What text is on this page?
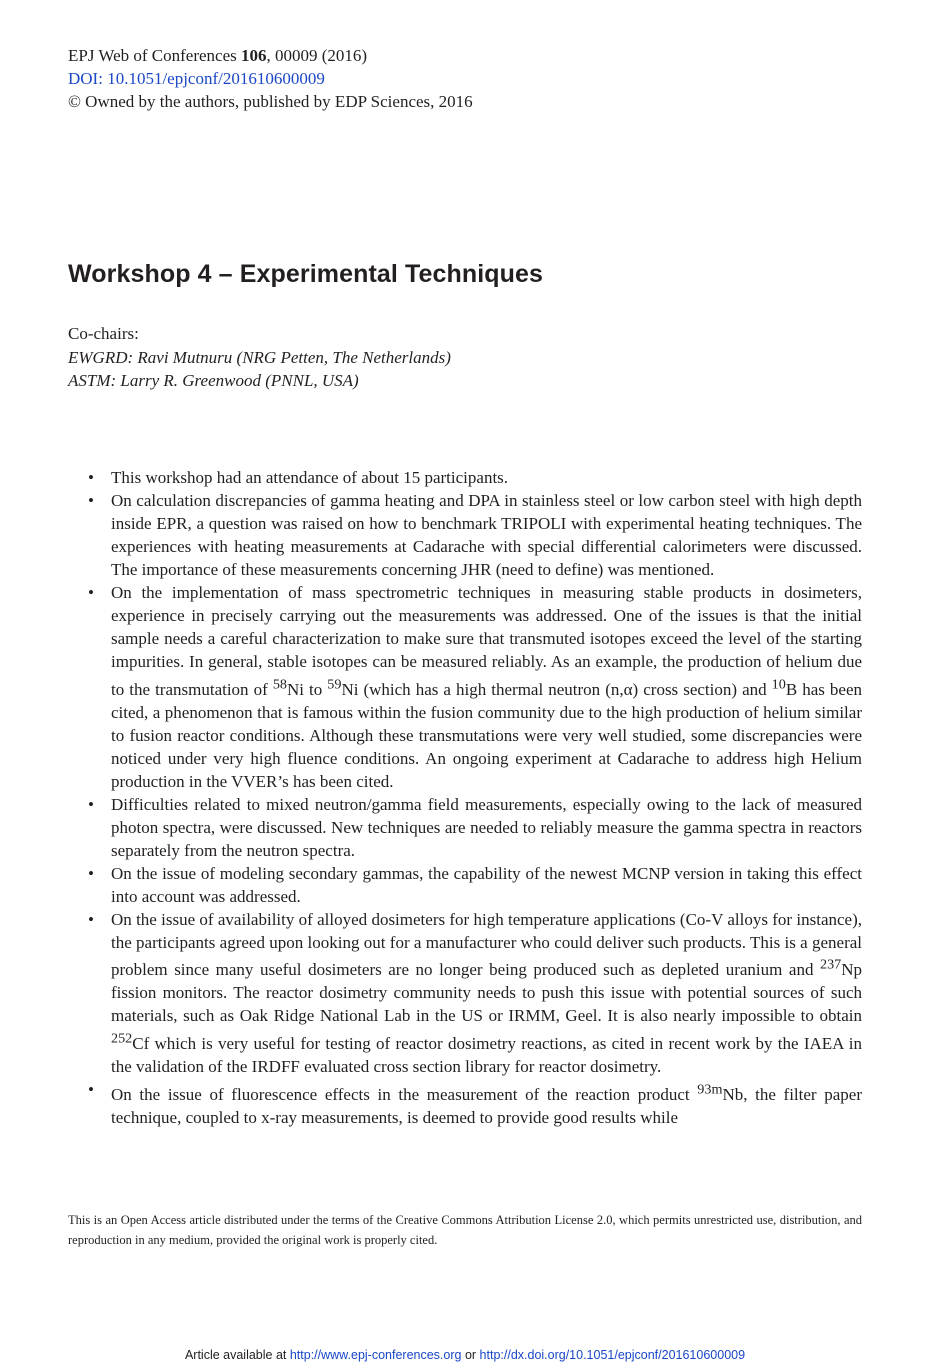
EPJ Web of Conferences 106, 00009 (2016)
DOI: 10.1051/epjconf/201610600009
© Owned by the authors, published by EDP Sciences, 2016
Workshop 4 – Experimental Techniques
Co-chairs:
EWGRD: Ravi Mutnuru (NRG Petten, The Netherlands)
ASTM: Larry R. Greenwood (PNNL, USA)
• This workshop had an attendance of about 15 participants.
• On calculation discrepancies of gamma heating and DPA in stainless steel or low carbon steel with high depth inside EPR, a question was raised on how to benchmark TRIPOLI with experimental heating techniques. The experiences with heating measurements at Cadarache with special differential calorimeters were discussed. The importance of these measurements concerning JHR (need to define) was mentioned.
• On the implementation of mass spectrometric techniques in measuring stable products in dosimeters, experience in precisely carrying out the measurements was addressed. One of the issues is that the initial sample needs a careful characterization to make sure that transmuted isotopes exceed the level of the starting impurities. In general, stable isotopes can be measured reliably. As an example, the production of helium due to the transmutation of $^{58}$Ni to $^{59}$Ni (which has a high thermal neutron (n,α) cross section) and $^{10}$B has been cited, a phenomenon that is famous within the fusion community due to the high production of helium similar to fusion reactor conditions. Although these transmutations were very well studied, some discrepancies were noticed under very high fluence conditions. An ongoing experiment at Cadarache to address high Helium production in the VVER’s has been cited.
• Difficulties related to mixed neutron/gamma field measurements, especially owing to the lack of measured photon spectra, were discussed. New techniques are needed to reliably measure the gamma spectra in reactors separately from the neutron spectra.
• On the issue of modeling secondary gammas, the capability of the newest MCNP version in taking this effect into account was addressed.
• On the issue of availability of alloyed dosimeters for high temperature applications (Co-V alloys for instance), the participants agreed upon looking out for a manufacturer who could deliver such products. This is a general problem since many useful dosimeters are no longer being produced such as depleted uranium and $^{237}$Np fission monitors. The reactor dosimetry community needs to push this issue with potential sources of such materials, such as Oak Ridge National Lab in the US or IRMM, Geel. It is also nearly impossible to obtain $^{252}$Cf which is very useful for testing of reactor dosimetry reactions, as cited in recent work by the IAEA in the validation of the IRDFF evaluated cross section library for reactor dosimetry.
• On the issue of fluorescence effects in the measurement of the reaction product $^{93m}$Nb, the filter paper technique, coupled to x-ray measurements, is deemed to provide good results while
This is an Open Access article distributed under the terms of the Creative Commons Attribution License 2.0, which permits unrestricted use, distribution, and reproduction in any medium, provided the original work is properly cited.
Article available at http://www.epj-conferences.org or http://dx.doi.org/10.1051/epjconf/201610600009
